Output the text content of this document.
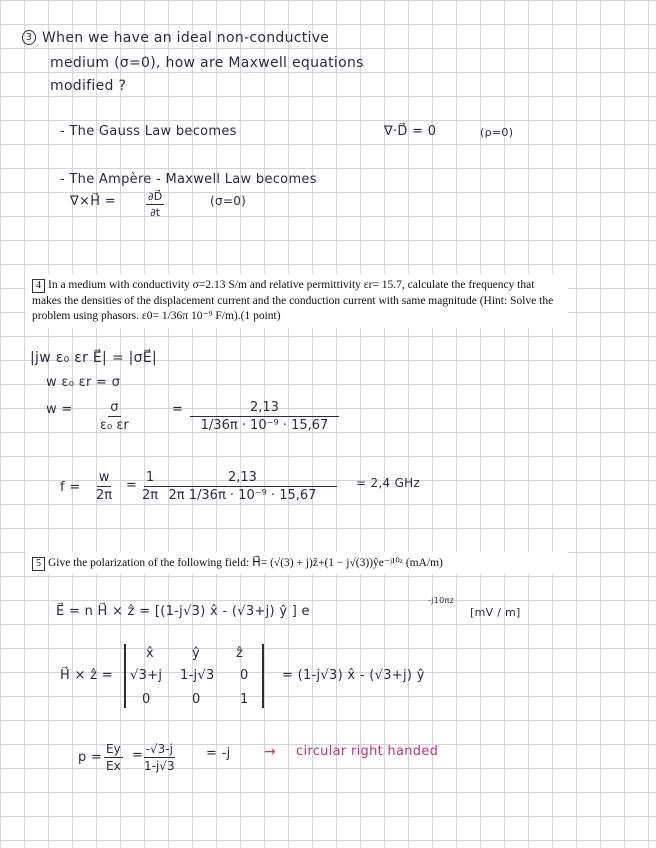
3 When we have an ideal non-conductive
medium (σ=0), how are Maxwell equations
modified ?
- The Gauss Law becomes	∇·D⃗ = 0	(ρ=0)
- The Ampère - Maxwell Law becomes
∇×H⃗ =	$\frac{\partial D⃗}{\partial t}$	(σ=0)
4 In a medium with conductivity σ=2.13 S/m and relative permittivity εr= 15.7, calculate the frequency that makes the densities of the displacement current and the conduction current with same magnitude (Hint: Solve the problem using phasors. ε0= 1/36π 10⁻⁹ F/m).(1 point)
|jw ε₀ εr E⃗| = |σE⃗|
w ε₀ εr = σ
$w = \frac{\sigma}{\text{ε₀ εr}}$	= $\frac{2,13}{\text{1/36π · 10⁻⁹ · 15,67}}$
$f = \frac{w}{2\pi} = \frac{1}{2\pi}$
$\frac{2,13}{\text{2π 1/36π · 10⁻⁹ · 15,67}} = 2,4$ GHz
5 Give the polarization of the following field: H⃗= (√(3) + j)ẑ+(1 − j√(3))ŷe⁻ʲ¹⁰ᶻ (mA/m)
E⃗ = n H⃗ × ẑ = [(1-j√3) x̂ - (√3+j) ŷ ] e
-j10πz
[mV / m]
H⃗ × ẑ =
x̂	ŷ	ẑ
√3+j 1-j√3 0
0	0	1
= (1-j√3) x̂ - (√3+j) ŷ
$p = \frac{Ey}{Ex}$ =
$\frac{-√3-j}{1-j√3} = -j$ → circular right handed
